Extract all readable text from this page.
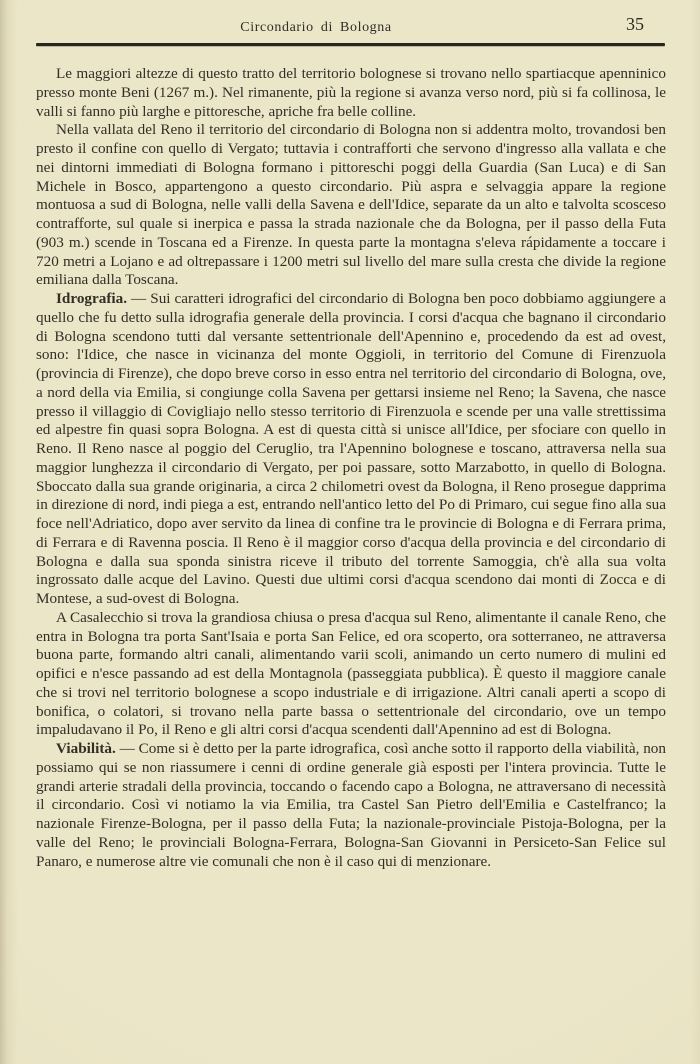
Circondario di Bologna	35

Le maggiori altezze di questo tratto del territorio bolognese si trovano nello spartiacque apenninico presso monte Beni (1267 m.). Nel rimanente, più la regione si avanza verso nord, più si fa collinosa, le valli si fanno più larghe e pittoresche, apriche fra belle colline.

Nella vallata del Reno il territorio del circondario di Bologna non si addentra molto, trovandosi ben presto il confine con quello di Vergato; tuttavia i contrafforti che servono d'ingresso alla vallata e che nei dintorni immediati di Bologna formano i pittoreschi poggi della Guardia (San Luca) e di San Michele in Bosco, appartengono a questo circondario. Più aspra e selvaggia appare la regione montuosa a sud di Bologna, nelle valli della Savena e dell'Idice, separate da un alto e talvolta scosceso contrafforte, sul quale si inerpica e passa la strada nazionale che da Bologna, per il passo della Futa (903 m.) scende in Toscana ed a Firenze. In questa parte la montagna s'eleva rápidamente a toccare i 720 metri a Lojano e ad oltrepassare i 1200 metri sul livello del mare sulla cresta che divide la regione emiliana dalla Toscana.

Idrografia. — Sui caratteri idrografici del circondario di Bologna ben poco dobbiamo aggiungere a quello che fu detto sulla idrografia generale della provincia. I corsi d'acqua che bagnano il circondario di Bologna scendono tutti dal versante settentrionale dell'Apennino e, procedendo da est ad ovest, sono: l'Idice, che nasce in vicinanza del monte Oggioli, in territorio del Comune di Firenzuola (provincia di Firenze), che dopo breve corso in esso entra nel territorio del circondario di Bologna, ove, a nord della via Emilia, si congiunge colla Savena per gettarsi insieme nel Reno; la Savena, che nasce presso il villaggio di Covigliajo nello stesso territorio di Firenzuola e scende per una valle strettissima ed alpestre fin quasi sopra Bologna. A est di questa città si unisce all'Idice, per sfociare con quello in Reno. Il Reno nasce al poggio del Ceruglio, tra l'Apennino bolognese e toscano, attraversa nella sua maggior lunghezza il circondario di Vergato, per poi passare, sotto Marzabotto, in quello di Bologna. Sboccato dalla sua grande originaria, a circa 2 chilometri ovest da Bologna, il Reno prosegue dapprima in direzione di nord, indi piega a est, entrando nell'antico letto del Po di Primaro, cui segue fino alla sua foce nell'Adriatico, dopo aver servito da linea di confine tra le provincie di Bologna e di Ferrara prima, di Ferrara e di Ravenna poscia. Il Reno è il maggior corso d'acqua della provincia e del circondario di Bologna e dalla sua sponda sinistra riceve il tributo del torrente Samoggia, ch'è alla sua volta ingrossato dalle acque del Lavino. Questi due ultimi corsi d'acqua scendono dai monti di Zocca e di Montese, a sud-ovest di Bologna.

A Casalecchio si trova la grandiosa chiusa o presa d'acqua sul Reno, alimentante il canale Reno, che entra in Bologna tra porta Sant'Isaia e porta San Felice, ed ora scoperto, ora sotterraneo, ne attraversa buona parte, formando altri canali, alimentando varii scoli, animando un certo numero di mulini ed opifici e n'esce passando ad est della Montagnola (passeggiata pubblica). È questo il maggiore canale che si trovi nel territorio bolognese a scopo industriale e di irrigazione. Altri canali aperti a scopo di bonifica, o colatori, si trovano nella parte bassa o settentrionale del circondario, ove un tempo impaludavano il Po, il Reno e gli altri corsi d'acqua scendenti dall'Apennino ad est di Bologna.

Viabilità. — Come si è detto per la parte idrografica, così anche sotto il rapporto della viabilità, non possiamo qui se non riassumere i cenni di ordine generale già esposti per l'intera provincia. Tutte le grandi arterie stradali della provincia, toccando o facendo capo a Bologna, ne attraversano di necessità il circondario. Così vi notiamo la via Emilia, tra Castel San Pietro dell'Emilia e Castelfranco; la nazionale Firenze-Bologna, per il passo della Futa; la nazionale-provinciale Pistoja-Bologna, per la valle del Reno; le provinciali Bologna-Ferrara, Bologna-San Giovanni in Persiceto-San Felice sul Panaro, e numerose altre vie comunali che non è il caso qui di menzionare.
